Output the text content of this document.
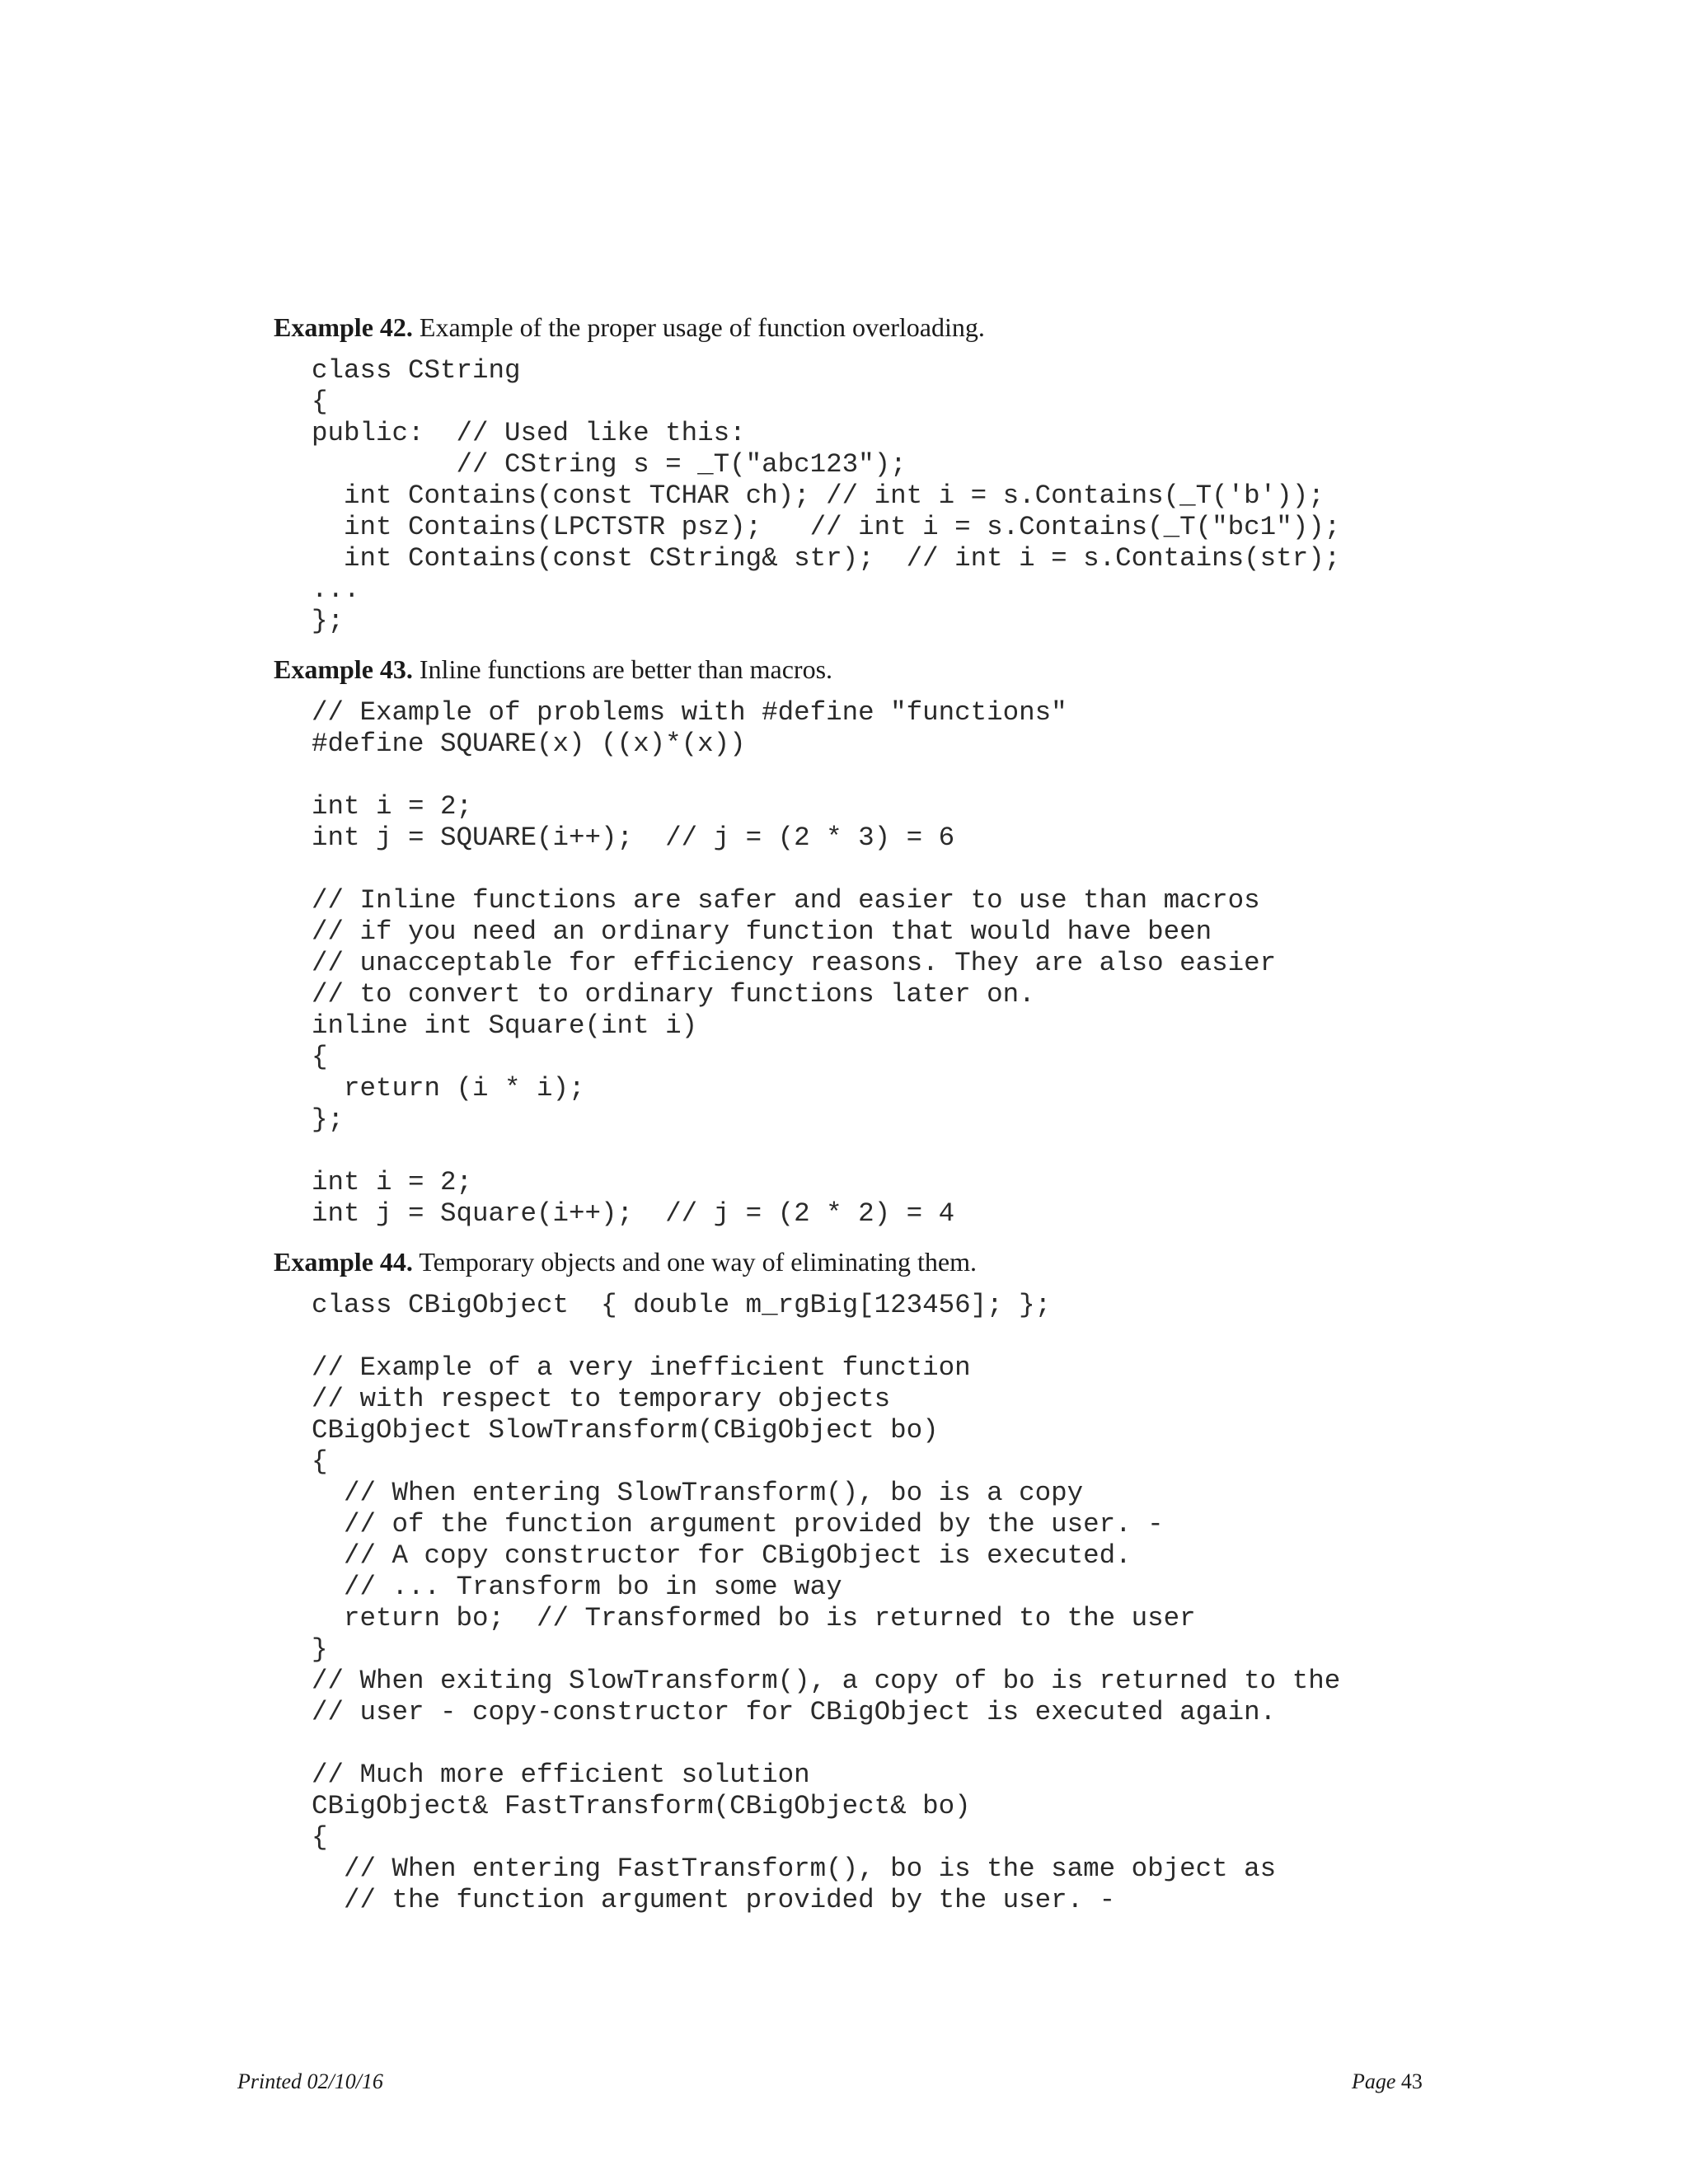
Example 42. Example of the proper usage of function overloading.
class CString
{
public:  // Used like this:
// CString s = _T("abc123");
int Contains(const TCHAR ch); // int i = s.Contains(_T('b'));
int Contains(LPCTSTR psz);   // int i = s.Contains(_T("bc1"));
int Contains(const CString& str);  // int i = s.Contains(str);
...
};
Example 43. Inline functions are better than macros.
// Example of problems with #define "functions"
#define SQUARE(x) ((x)*(x))
int i = 2;
int j = SQUARE(i++);  // j = (2 * 3) = 6
// Inline functions are safer and easier to use than macros
// if you need an ordinary function that would have been
// unacceptable for efficiency reasons. They are also easier
// to convert to ordinary functions later on.
inline int Square(int i)
{
return (i * i);
};
int i = 2;
int j = Square(i++);  // j = (2 * 2) = 4
Example 44. Temporary objects and one way of eliminating them.
class CBigObject  { double m_rgBig[123456]; };
// Example of a very inefficient function
// with respect to temporary objects
CBigObject SlowTransform(CBigObject bo)
{
// When entering SlowTransform(), bo is a copy
// of the function argument provided by the user. -
// A copy constructor for CBigObject is executed.
// ... Transform bo in some way
return bo;  // Transformed bo is returned to the user
}
// When exiting SlowTransform(), a copy of bo is returned to the
// user - copy-constructor for CBigObject is executed again.
// Much more efficient solution
CBigObject& FastTransform(CBigObject& bo)
{
// When entering FastTransform(), bo is the same object as
// the function argument provided by the user. -
Printed 02/10/16	Page 43
